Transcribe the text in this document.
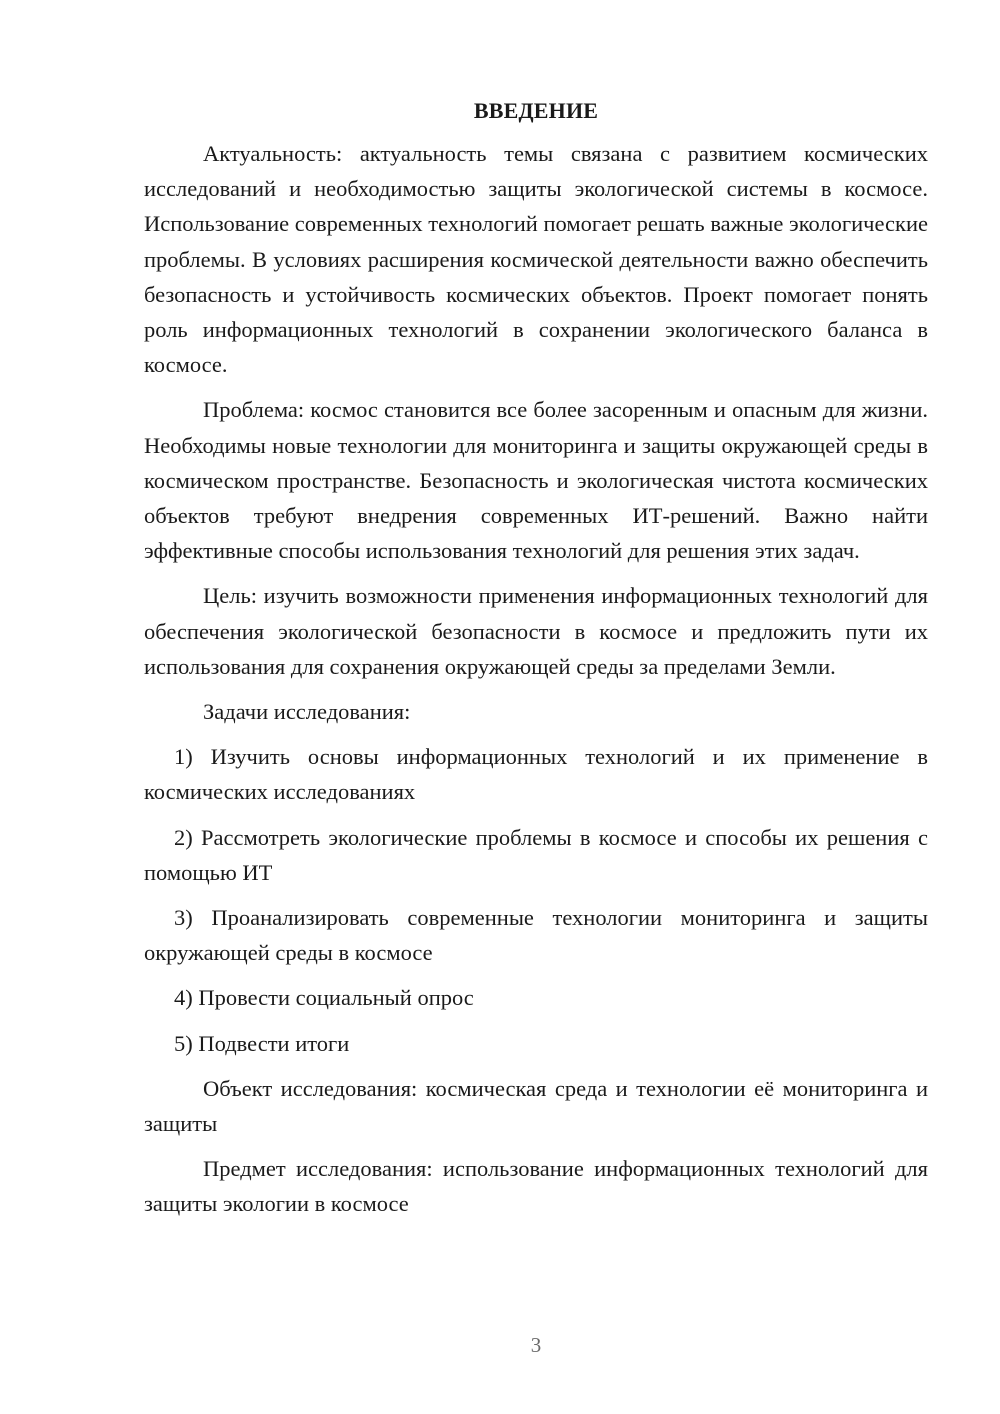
ВВЕДЕНИЕ

Актуальность: актуальность темы связана с развитием космических исследований и необходимостью защиты экологической системы в космосе. Использование современных технологий помогает решать важные экологические проблемы. В условиях расширения космической деятельности важно обеспечить безопасность и устойчивость космических объектов. Проект помогает понять роль информационных технологий в сохранении экологического баланса в космосе.

Проблема: космос становится все более засоренным и опасным для жизни. Необходимы новые технологии для мониторинга и защиты окружающей среды в космическом пространстве. Безопасность и экологическая чистота космических объектов требуют внедрения современных ИТ-решений. Важно найти эффективные способы использования технологий для решения этих задач.

Цель: изучить возможности применения информационных технологий для обеспечения экологической безопасности в космосе и предложить пути их использования для сохранения окружающей среды за пределами Земли.

Задачи исследования:

1) Изучить основы информационных технологий и их применение в космических исследованиях

2) Рассмотреть экологические проблемы в космосе и способы их решения с помощью ИТ

3) Проанализировать современные технологии мониторинга и защиты окружающей среды в космосе

4) Провести социальный опрос

5) Подвести итоги

Объект исследования: космическая среда и технологии её мониторинга и защиты

Предмет исследования: использование информационных технологий для защиты экологии в космосе

3
